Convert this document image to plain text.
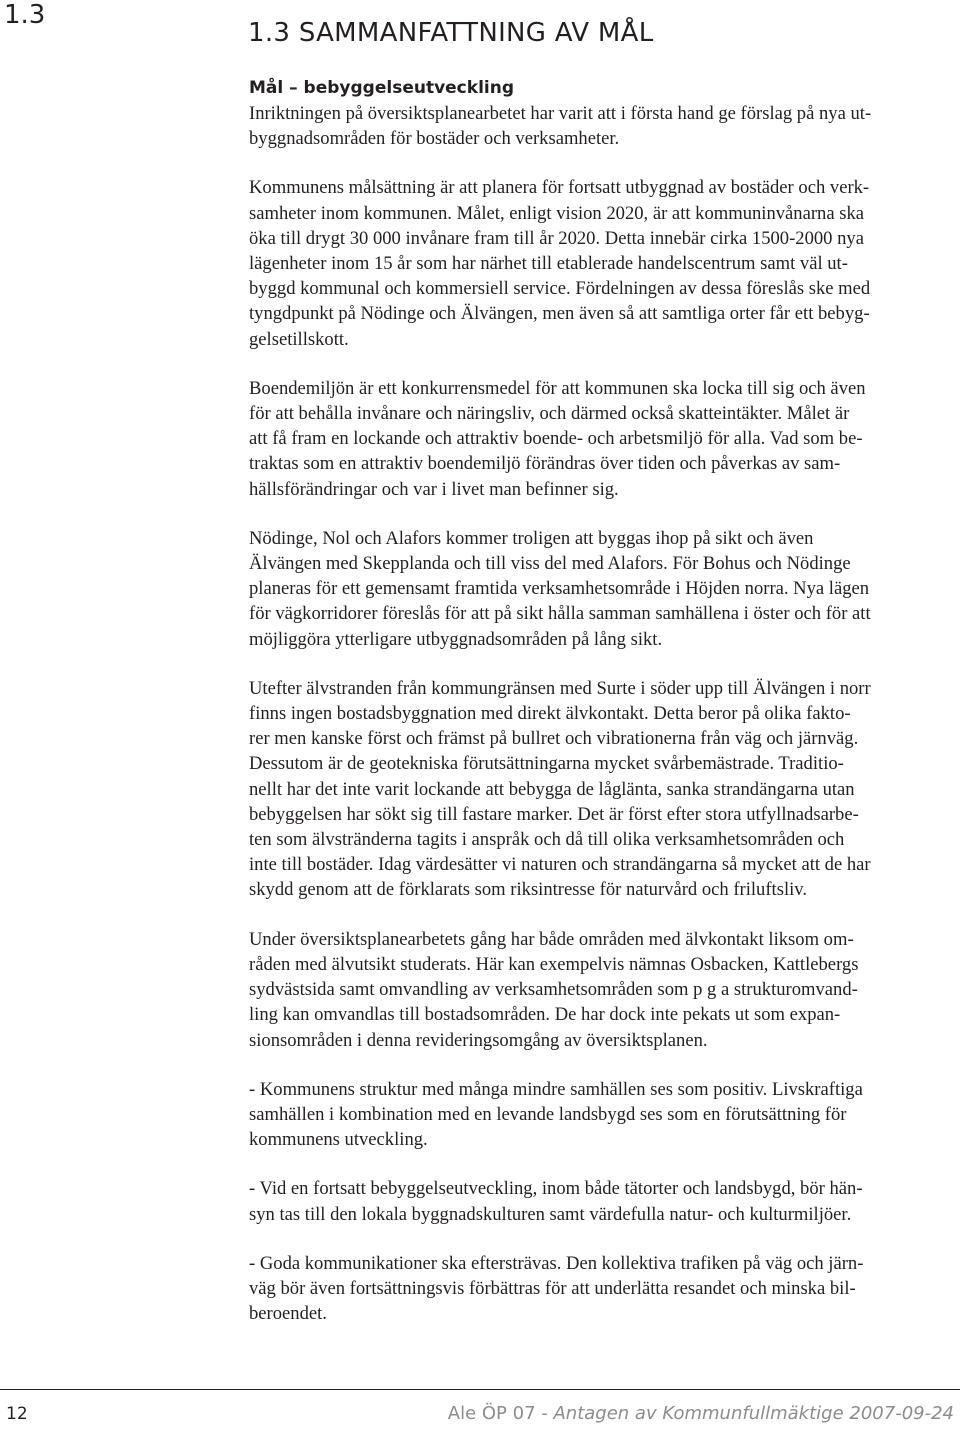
1.3
1.3 SAMMANFATTNING AV MÅL
Mål – bebyggelseutveckling
Inriktningen på översiktsplanearbetet har varit att i första hand ge förslag på nya ut-
byggnadsområden för bostäder och verksamheter.
Kommunens målsättning är att planera för fortsatt utbyggnad av bostäder och verk-
samheter inom kommunen. Målet, enligt vision 2020, är att kommuninvånarna ska
öka till drygt 30 000 invånare fram till år 2020. Detta innebär cirka 1500-2000 nya
lägenheter inom 15 år som har närhet till etablerade handelscentrum samt väl ut-
byggd kommunal och kommersiell service. Fördelningen av dessa föreslås ske med
tyngdpunkt på Nödinge och Älvängen, men även så att samtliga orter får ett bebyg-
gelsetillskott.
Boendemiljön är ett konkurrensmedel för att kommunen ska locka till sig och även
för att behålla invånare och näringsliv, och därmed också skatteintäkter. Målet är
att få fram en lockande och attraktiv boende- och arbetsmiljö för alla. Vad som be-
traktas som en attraktiv boendemiljö förändras över tiden och påverkas av sam-
hällsförändringar och var i livet man befinner sig.
Nödinge, Nol och Alafors kommer troligen att byggas ihop på sikt och även
Älvängen med Skepplanda och till viss del med Alafors. För Bohus och Nödinge
planeras för ett gemensamt framtida verksamhetsområde i Höjden norra. Nya lägen
för vägkorridorer föreslås för att på sikt hålla samman samhällena i öster och för att
möjliggöra ytterligare utbyggnadsområden på lång sikt.
Utefter älvstranden från kommungränsen med Surte i söder upp till Älvängen i norr
finns ingen bostadsbyggnation med direkt älvkontakt. Detta beror på olika fakto-
rer men kanske först och främst på bullret och vibrationerna från väg och järnväg.
Dessutom är de geotekniska förutsättningarna mycket svårbemästrade. Traditio-
nellt har det inte varit lockande att bebygga de låglänta, sanka strandängarna utan
bebyggelsen har sökt sig till fastare marker. Det är först efter stora utfyllnadsarbe-
ten som älvstränderna tagits i anspråk och då till olika verksamhetsområden och
inte till bostäder. Idag värdesätter vi naturen och strandängarna så mycket att de har
skydd genom att de förklarats som riksintresse för naturvård och friluftsliv.
Under översiktsplanearbetets gång har både områden med älvkontakt liksom om-
råden med älvutsikt studerats. Här kan exempelvis nämnas Osbacken, Kattlebergs
sydvästsida samt omvandling av verksamhetsområden som p g a strukturomvand-
ling kan omvandlas till bostadsområden. De har dock inte pekats ut som expan-
sionsområden i denna revideringsomgång av översiktsplanen.
- Kommunens struktur med många mindre samhällen ses som positiv. Livskraftiga
samhällen i kombination med en levande landsbygd ses som en förutsättning för
kommunens utveckling.
- Vid en fortsatt bebyggelseutveckling, inom både tätorter och landsbygd, bör hän-
syn tas till den lokala byggnadskulturen samt värdefulla natur- och kulturmiljöer.
- Goda kommunikationer ska eftersträvas. Den kollektiva trafiken på väg och järn-
väg bör även fortsättningsvis förbättras för att underlätta resandet och minska bil-
beroendet.
12	Ale ÖP 07 - Antagen av Kommunfullmäktige 2007-09-24
